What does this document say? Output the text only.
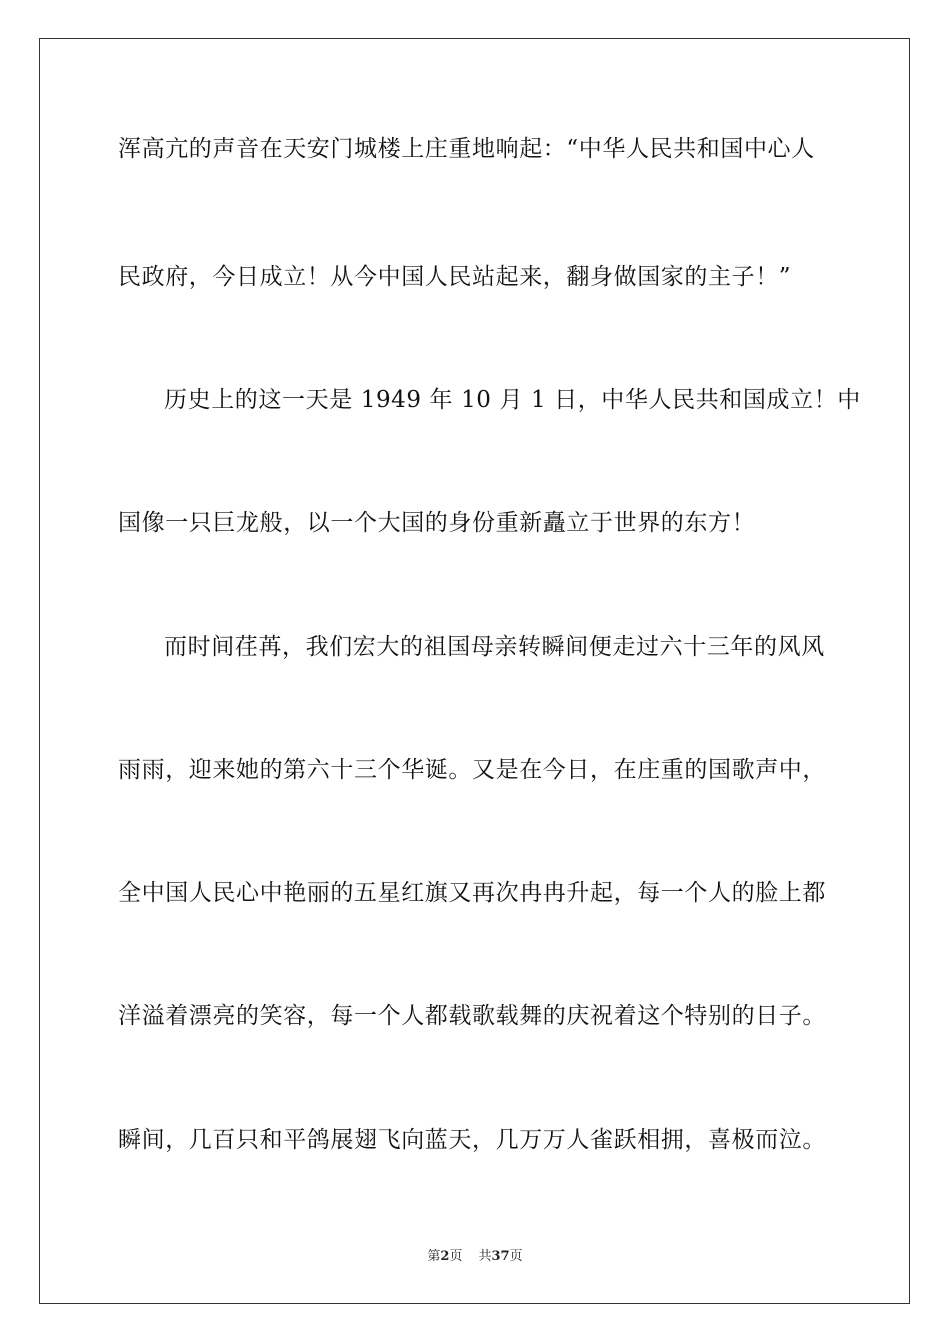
浑高亢的声音在天安门城楼上庄重地响起：“中华人民共和国中心人
民政府，今日成立！从今中国人民站起来，翻身做国家的主子！”
历史上的这一天是 1949 年 10 月 1 日，中华人民共和国成立！中
国像一只巨龙般，以一个大国的身份重新矗立于世界的东方！
而时间荏苒，我们宏大的祖国母亲转瞬间便走过六十三年的风风
雨雨，迎来她的第六十三个华诞。又是在今日，在庄重的国歌声中，
全中国人民心中艳丽的五星红旗又再次冉冉升起，每一个人的脸上都
洋溢着漂亮的笑容，每一个人都载歌载舞的庆祝着这个特别的日子。
瞬间，几百只和平鸽展翅飞向蓝天，几万万人雀跃相拥，喜极而泣。
第2页 共37页
